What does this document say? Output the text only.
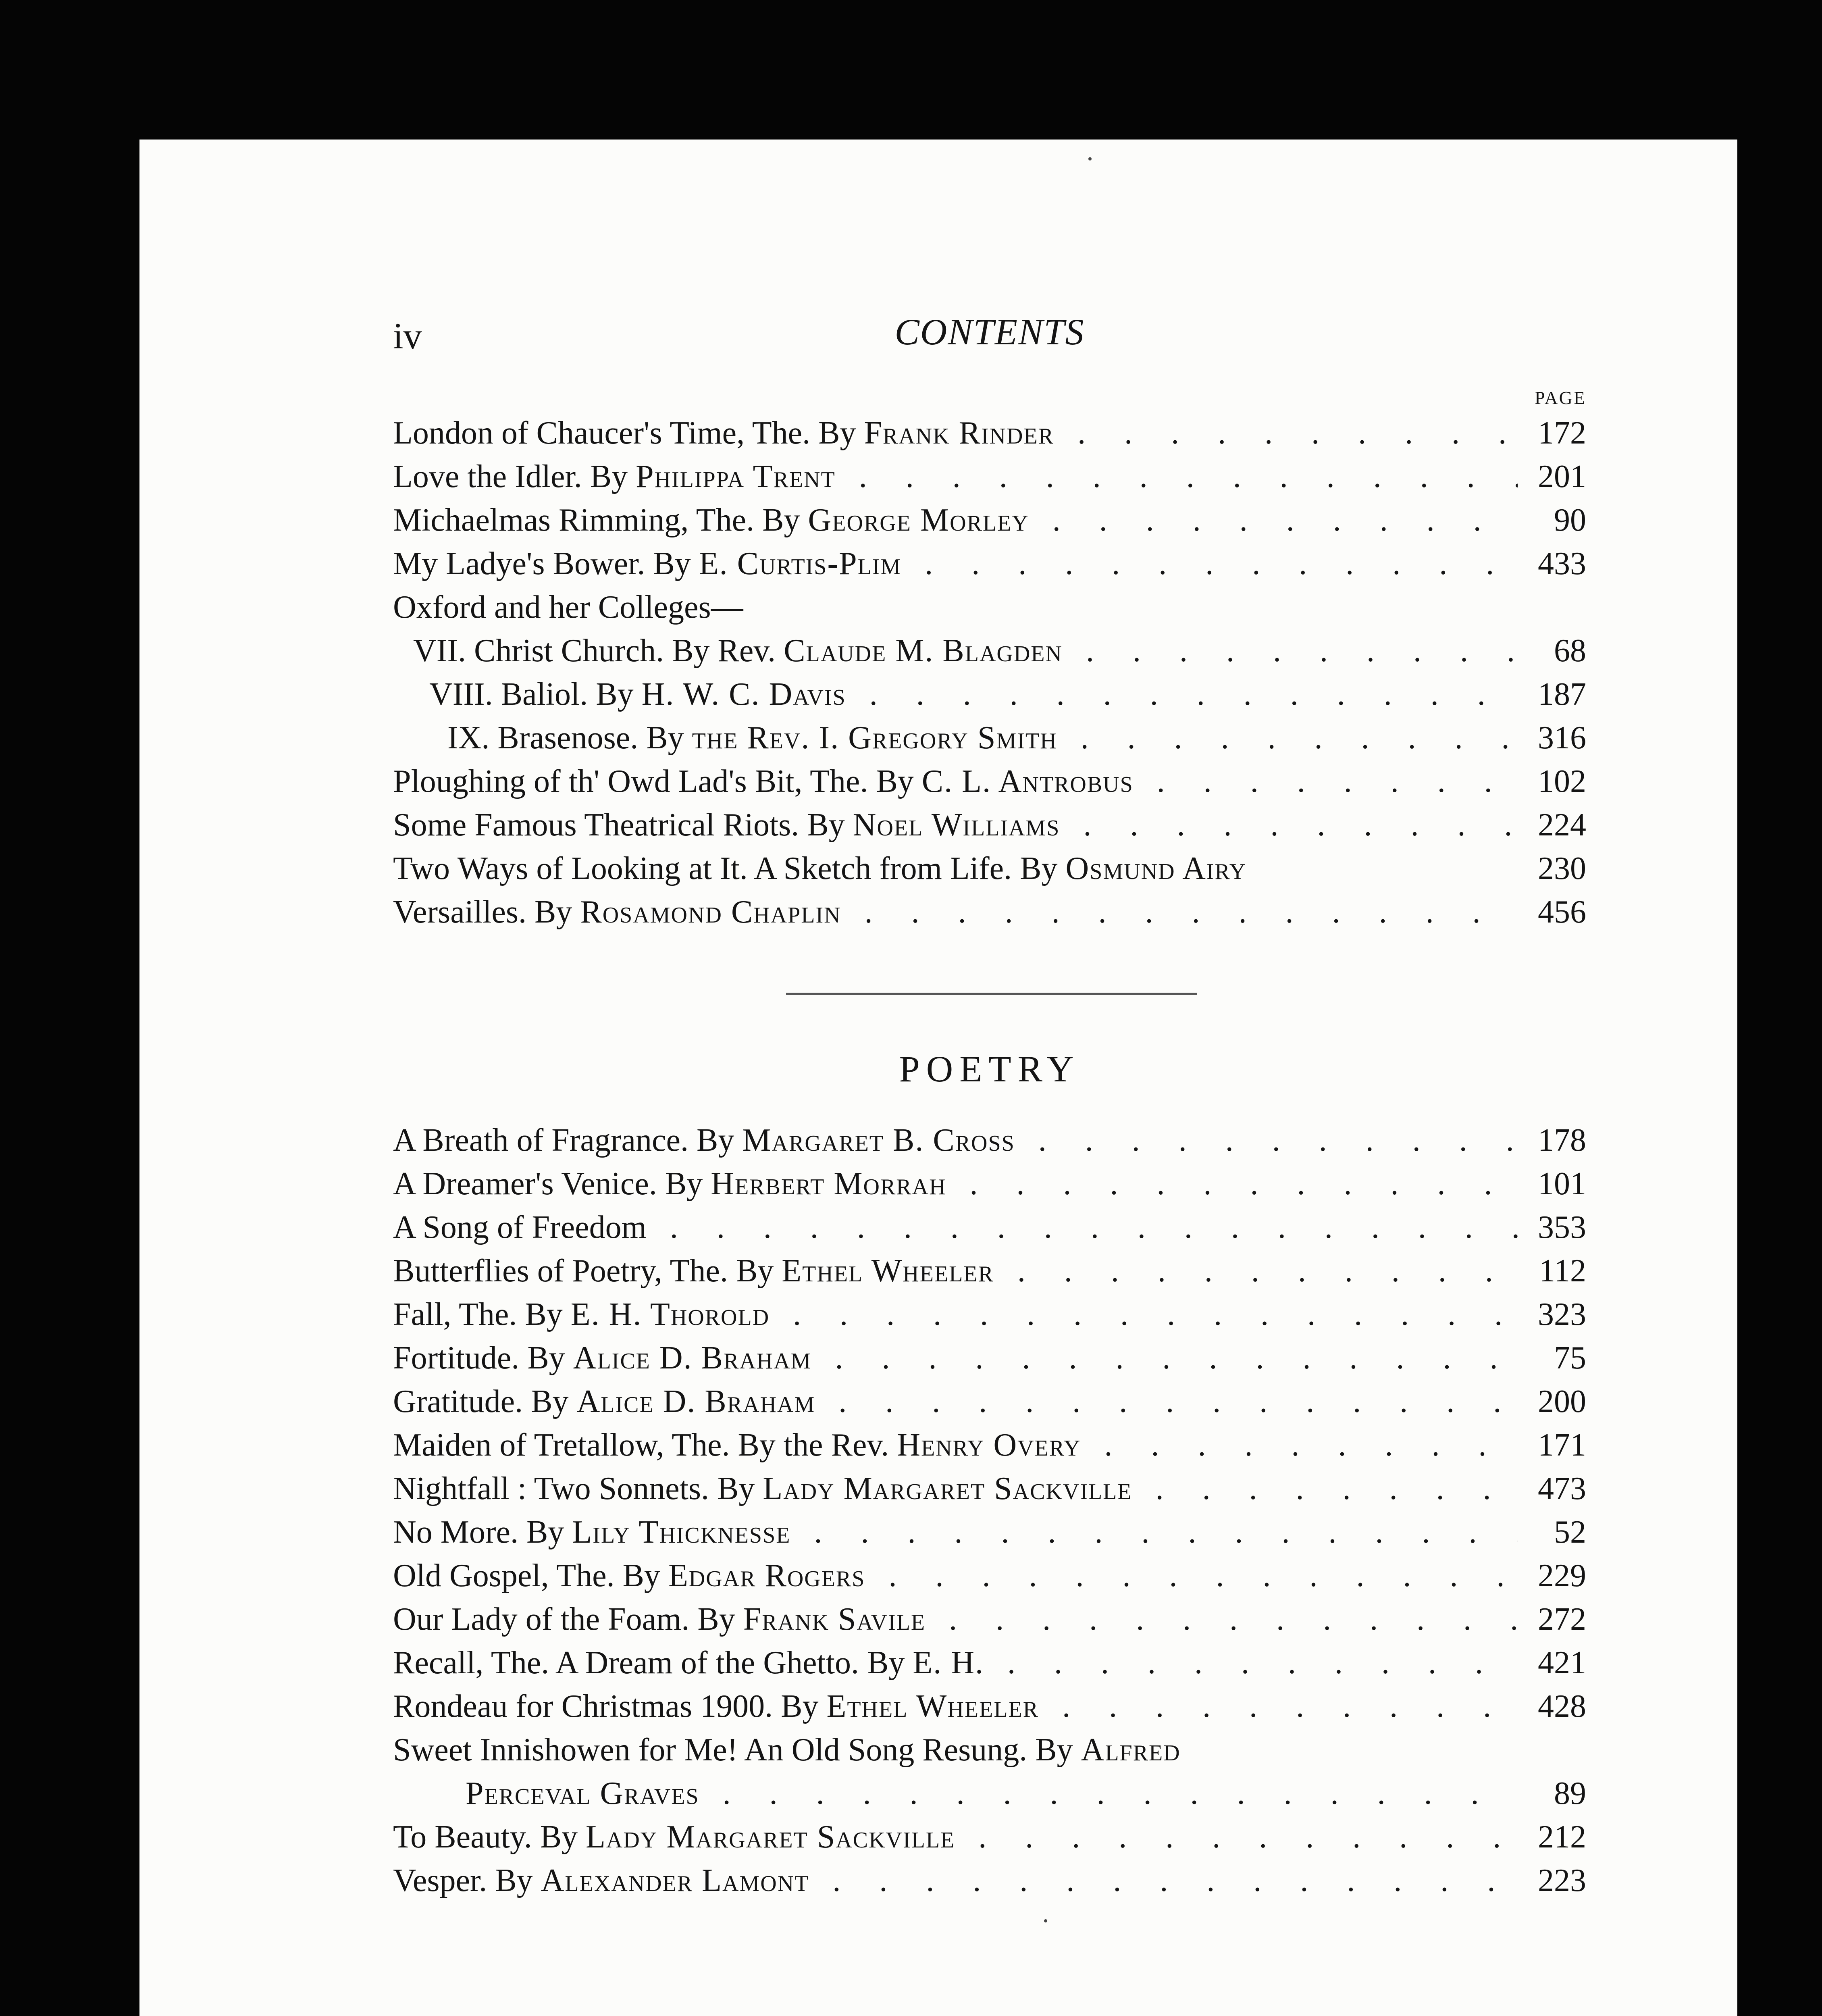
iv	CONTENTS
PAGE
London of Chaucer's Time, The. By Frank Rinder . . .	172
Love the Idler. By Philippa Trent . . .	201
Michaelmas Rimming, The. By George Morley . . .	90
My Ladye's Bower. By E. Curtis-Plim . . .	433
Oxford and her Colleges—
VII. Christ Church. By Rev. Claude M. Blagden . . .	68
VIII. Baliol. By H. W. C. Davis . . .	187
IX. Brasenose. By the Rev. I. Gregory Smith . . .	316
Ploughing of th' Owd Lad's Bit, The. By C. L. Antrobus . . .	102
Some Famous Theatrical Riots. By Noel Williams . . .	224
Two Ways of Looking at It. A Sketch from Life. By Osmund Airy	230
Versailles. By Rosamond Chaplin . . .	456
POETRY
A Breath of Fragrance. By Margaret B. Cross . . .	178
A Dreamer's Venice. By Herbert Morrah . . .	101
A Song of Freedom . . .	353
Butterflies of Poetry, The. By Ethel Wheeler . . .	112
Fall, The. By E. H. Thorold . . .	323
Fortitude. By Alice D. Braham . . .	75
Gratitude. By Alice D. Braham . . .	200
Maiden of Tretallow, The. By the Rev. Henry Overy . . .	171
Nightfall : Two Sonnets. By Lady Margaret Sackville . . .	473
No More. By Lily Thicknesse . . .	52
Old Gospel, The. By Edgar Rogers . . .	229
Our Lady of the Foam. By Frank Savile . . .	272
Recall, The. A Dream of the Ghetto. By E. H. . . .	421
Rondeau for Christmas 1900. By Ethel Wheeler . . .	428
Sweet Innishowen for Me! An Old Song Resung. By Alfred
Perceval Graves . . .	89
To Beauty. By Lady Margaret Sackville . . .	212
Vesper. By Alexander Lamont . . .	223
